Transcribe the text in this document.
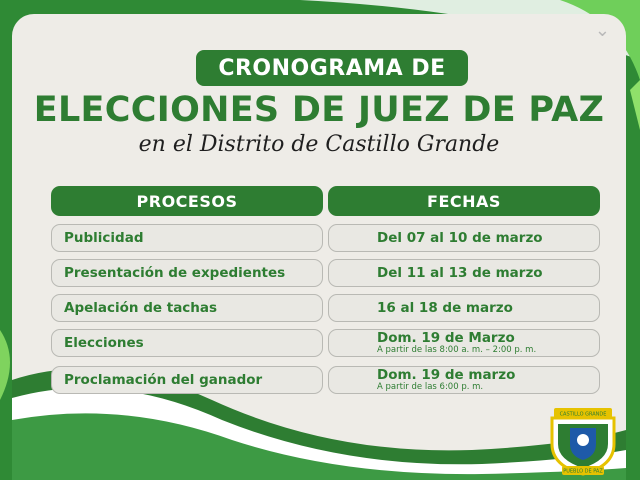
⌄
CRONOGRAMA DE
ELECCIONES DE JUEZ DE PAZ
en el Distrito de Castillo Grande
PROCESOS	FECHAS
Publicidad	Del 07 al 10 de marzo
Presentación de expedientes	Del 11 al 13 de marzo
Apelación de tachas	16 al 18 de marzo
Elecciones	Dom. 19 de Marzo
A partir de las 8:00 a. m. – 2:00 p. m.
Proclamación del ganador	Dom. 19 de marzo
A partir de las 6:00 p. m.
CASTILLO GRANDE
PUEBLO DE PAZ
